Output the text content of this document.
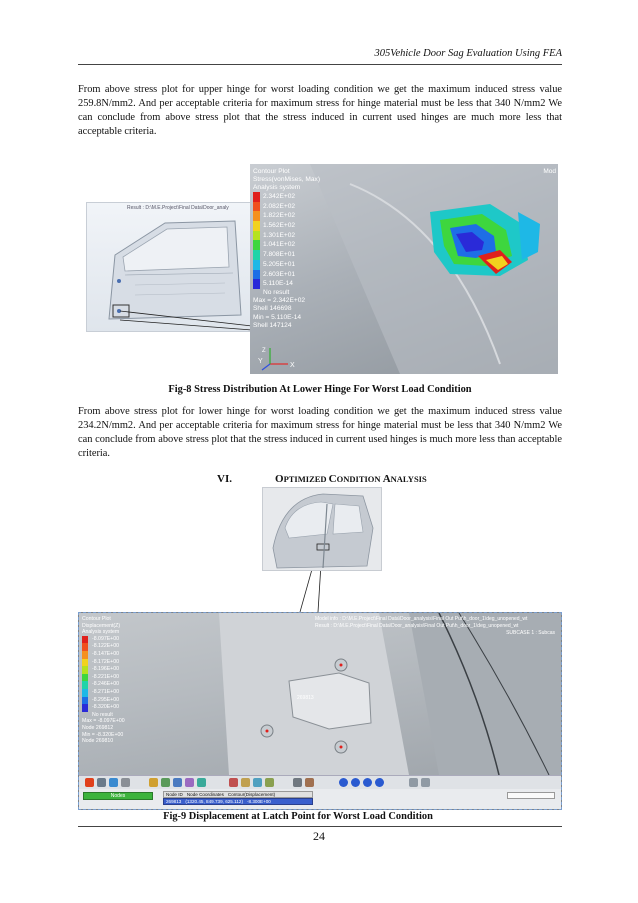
305Vehicle Door Sag Evaluation Using FEA

From above stress plot for upper hinge for worst loading condition we get the maximum induced stress value 259.8N/mm2. And per acceptable criteria for maximum stress for hinge material must be less that 340 N/mm2 We can conclude from above stress plot that the stress induced in current used hinges are much more less that acceptable criteria.

Result : D:\M.E.Project\Final Data\Door_analy
Contour Plot
Stress(vonMises, Max)
Analysis system
2.342E+02
2.082E+02
1.822E+02
1.562E+02
1.301E+02
1.041E+02
7.808E+01
5.205E+01
2.603E+01
5.110E-14
No result
Max = 2.342E+02
Shell 146698
Min = 5.110E-14
Shell 147124
Mod
X
Y
Z
Fig-8 Stress Distribution At Lower Hinge For Worst Load Condition

From above stress plot for lower hinge for worst loading condition we get the maximum induced stress value 234.2N/mm2. And per acceptable criteria for maximum stress for hinge material must be less that 340 N/mm2 We can conclude from above stress plot that the stress induced in current used hinges is much more less than acceptable criteria.

VI.	OPTIMIZED CONDITION ANALYSIS
269813
Contour Plot
Displacement(Z)
Analysis system
-8.097E+00
-8.122E+00
-8.147E+00
-8.172E+00
-8.196E+00
-8.221E+00
-8.246E+00
-8.271E+00
-8.295E+00
-8.320E+00
No result
Max = -8.097E+00
Node 269812
Min = -8.320E+00
Node 269810
Model info : D:\M.E.Project\Final Data\Door_analysis\Final Out Put\h_door_1\deg_unopened_wt
Result : D:\M.E.Project\Final Data\Door_analysis\Final Out Put\h_door_1\deg_unopened_wt
SUBCASE 1 : Subcas
Nodes	Node ID Node Coordinates Contour(Displacement)
269813 (1320.45, 849.739, 625.112) -8.300E+00
Fig-9 Displacement at Latch Point for Worst Load Condition
24
